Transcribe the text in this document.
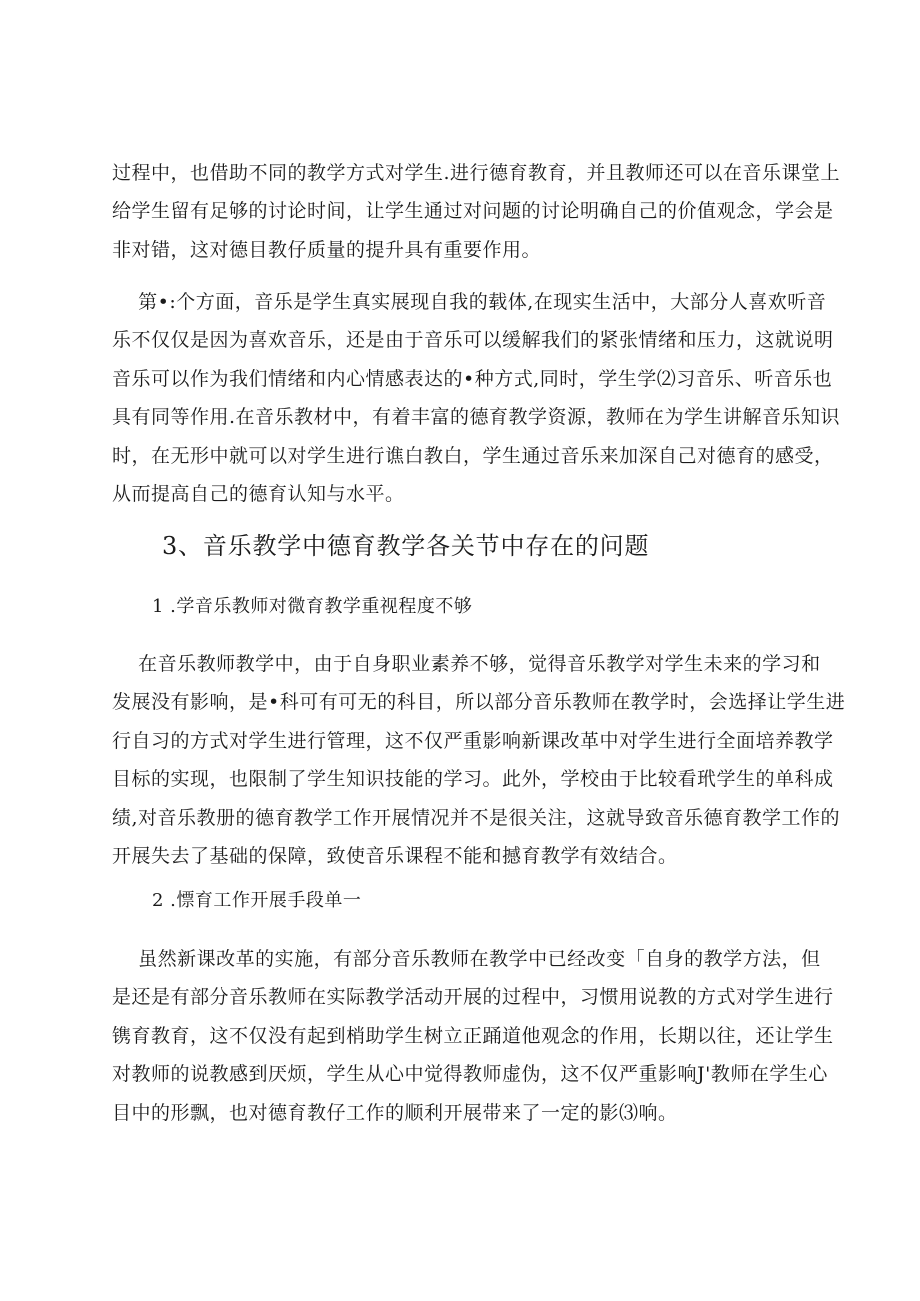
过程中，也借助不同的教学方式对学生.进行德育教育，并且教师还可以在音乐课堂上
给学生留有足够的讨论时间，让学生通过对问题的讨论明确自己的价值观念，学会是
非对错，这对德目教仔质量的提升具有重要作用。
第•:个方面，音乐是学生真实展现自我的载体,在现实生活中，大部分人喜欢听音
乐不仅仅是因为喜欢音乐，还是由于音乐可以缓解我们的紧张情绪和压力，这就说明
音乐可以作为我们情绪和内心情感表达的•种方式,同时，学生学⑵习音乐、听音乐也
具有同等作用.在音乐教材中，有着丰富的德育教学资源，教师在为学生讲解音乐知识
时，在无形中就可以对学生进行谯白教白，学生通过音乐来加深自己对德育的感受，
从而提高自己的德育认知与水平。
3、音乐教学中德育教学各关节中存在的问题
1 .学音乐教师对微育教学重视程度不够
在音乐教师教学中，由于自身职业素养不够，觉得音乐教学对学生未来的学习和
发展没有影响，是•科可有可无的科目，所以部分音乐教师在教学时，会选择让学生进
行自习的方式对学生进行管理，这不仅严重影响新课改革中对学生进行全面培养教学
目标的实现，也限制了学生知识技能的学习。此外，学校由于比较看玳学生的单科成
绩,对音乐教册的德育教学工作开展情况并不是很关注，这就导致音乐德育教学工作的
开展失去了基础的保障，致使音乐课程不能和撼育教学有效结合。
2 .慓育工作开展手段单一
虽然新课改革的实施，有部分音乐教师在教学中已经改变「自身的教学方法，但
是还是有部分音乐教师在实际教学活动开展的过程中，习惯用说教的方式对学生进行
镌育教育，这不仅没有起到梢助学生树立正踊道他观念的作用，长期以往，还让学生
对教师的说教感到厌烦，学生从心中觉得教师虚伪，这不仅严重影响J'教师在学生心
目中的形飘，也对德育教仔工作的顺利开展带来了一定的影⑶响。
